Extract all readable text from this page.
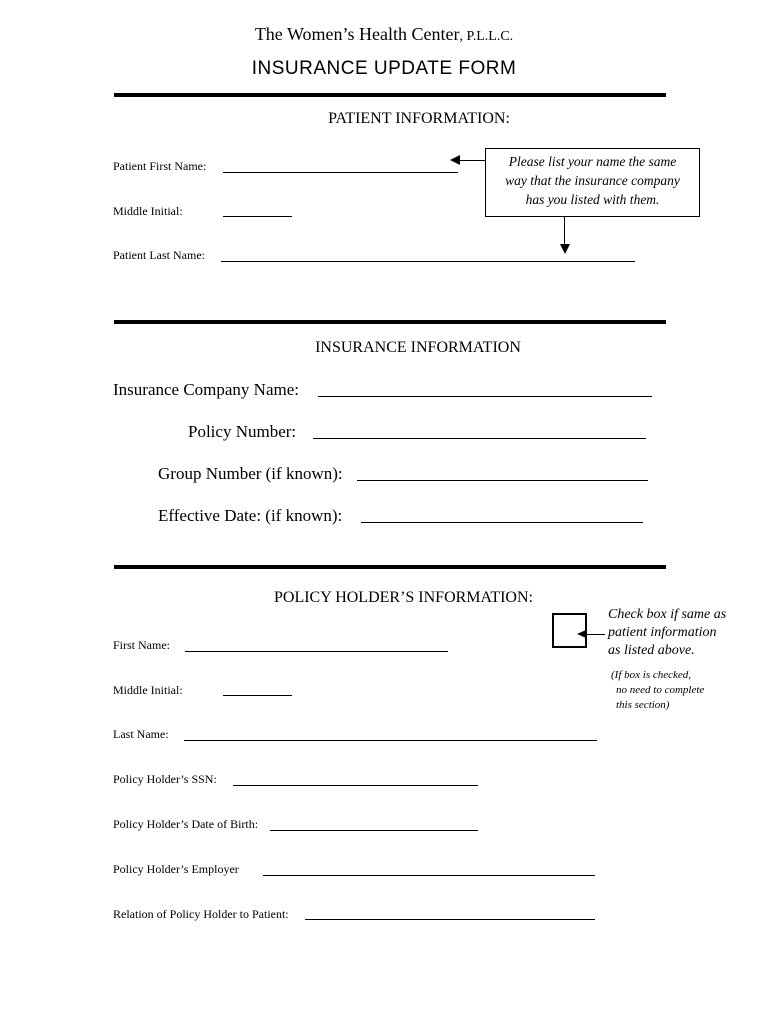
The Women’s Health Center, P.L.L.C.
INSURANCE UPDATE FORM
PATIENT INFORMATION:
Patient First Name:	Please list your name the same
way that the insurance company
has you listed with them.
Middle Initial:
Patient Last Name:
INSURANCE INFORMATION
Insurance Company Name:
Policy Number:
Group Number (if known):
Effective Date: (if known):
POLICY HOLDER’S INFORMATION:
Check box if same as
patient information
as listed above.
(If box is checked,
no need to complete
this section)
First Name:
Middle Initial:
Last Name:
Policy Holder’s SSN:
Policy Holder’s Date of Birth:
Policy Holder’s Employer
Relation of Policy Holder to Patient:
